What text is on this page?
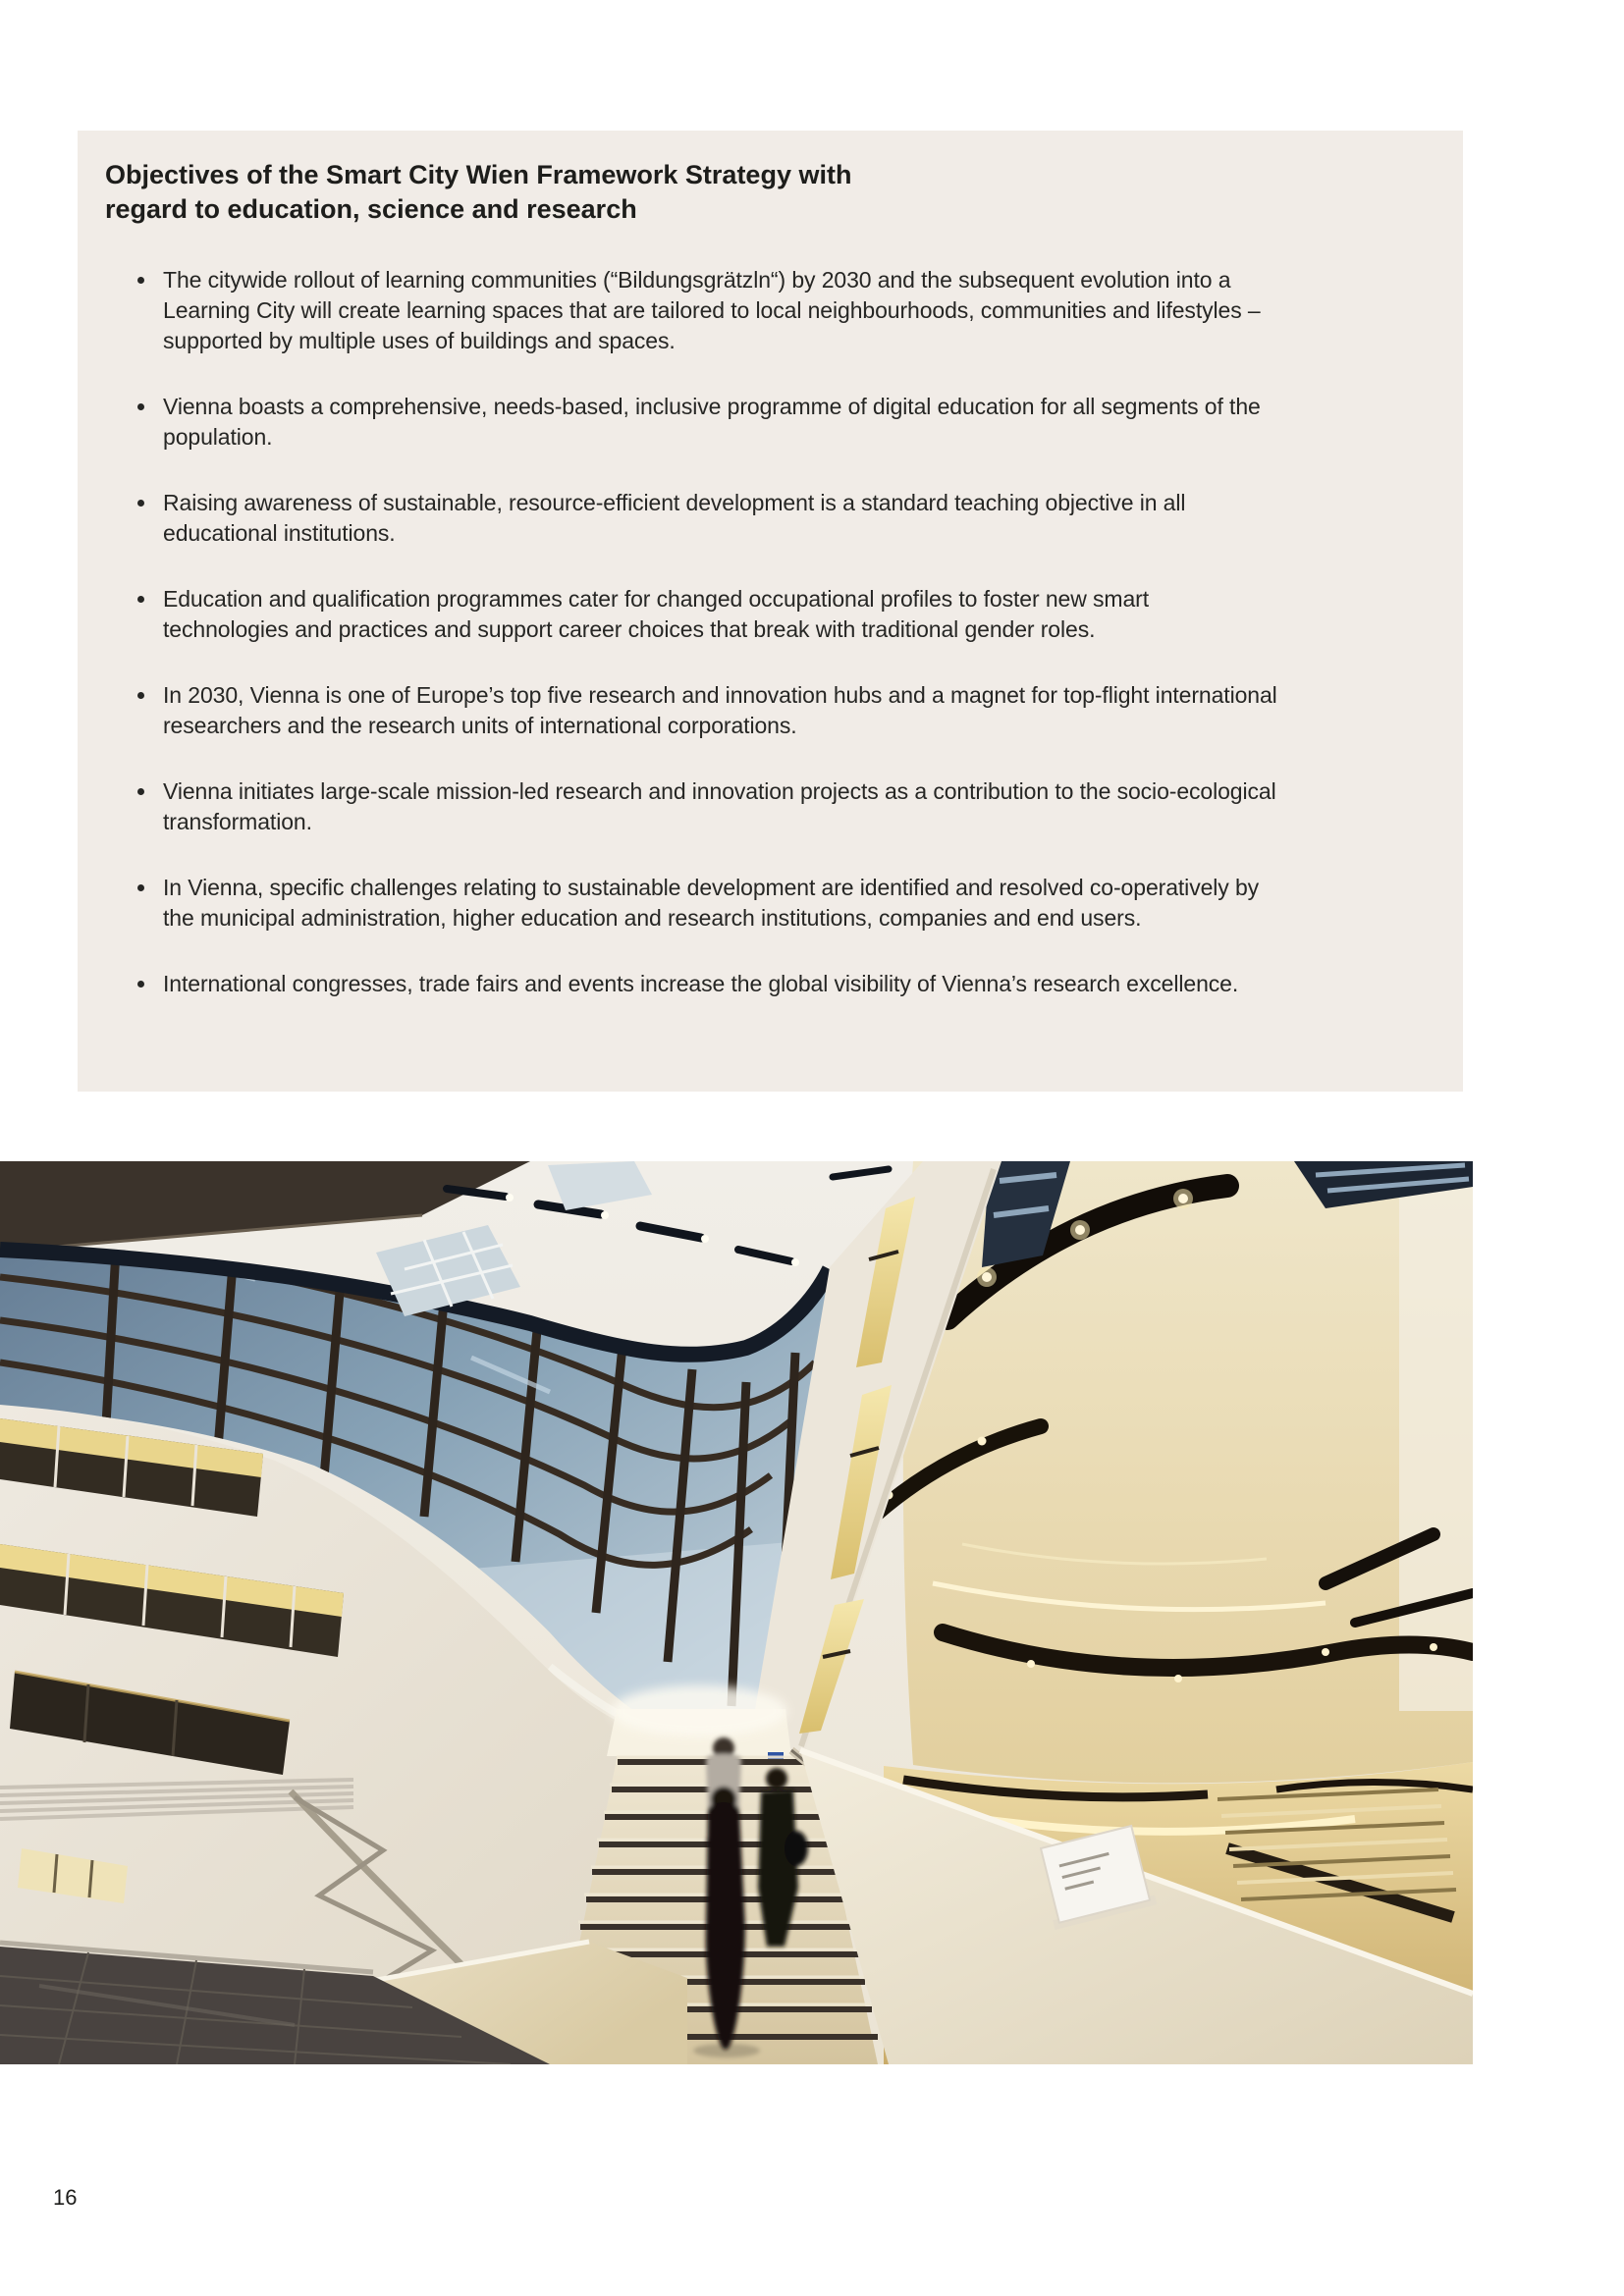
Objectives of the Smart City Wien Framework Strategy with
regard to education, science and research
The citywide rollout of learning communities (“Bildungsgrätzln“) by 2030 and the subsequent evolution into a Learning City will create learning spaces that are tailored to local neighbourhoods, communities and lifestyles – supported by multiple uses of buildings and spaces.
Vienna boasts a comprehensive, needs-based, inclusive programme of digital education for all segments of the population.
Raising awareness of sustainable, resource-efficient development is a standard teaching objective in all educational institutions.
Education and qualification programmes cater for changed occupational profiles to foster new smart technologies and practices and support career choices that break with traditional gender roles.
In 2030, Vienna is one of Europe’s top five research and innovation hubs and a magnet for top-flight international researchers and the research units of international corporations.
Vienna initiates large-scale mission-led research and innovation projects as a contribution to the socio-ecological transformation.
In Vienna, specific challenges relating to sustainable development are identified and resolved co-operatively by the municipal administration, higher education and research institutions, companies and end users.
International congresses, trade fairs and events increase the global visibility of Vienna’s research excellence.
16
